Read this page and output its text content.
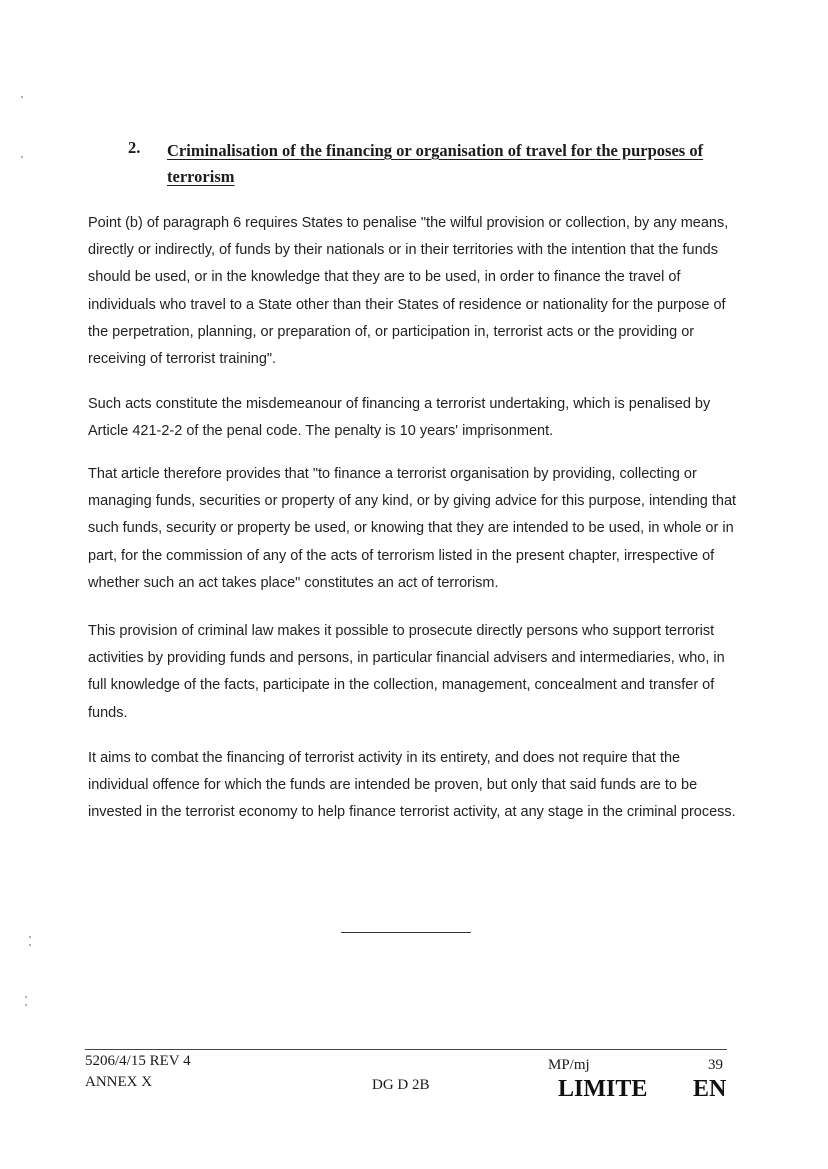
2. Criminalisation of the financing or organisation of travel for the purposes of terrorism

Point (b) of paragraph 6 requires States to penalise "the wilful provision or collection, by any means, directly or indirectly, of funds by their nationals or in their territories with the intention that the funds should be used, or in the knowledge that they are to be used, in order to finance the travel of individuals who travel to a State other than their States of residence or nationality for the purpose of the perpetration, planning, or preparation of, or participation in, terrorist acts or the providing or receiving of terrorist training".

Such acts constitute the misdemeanour of financing a terrorist undertaking, which is penalised by Article 421-2-2 of the penal code. The penalty is 10 years' imprisonment.

That article therefore provides that "to finance a terrorist organisation by providing, collecting or managing funds, securities or property of any kind, or by giving advice for this purpose, intending that such funds, security or property be used, or knowing that they are intended to be used, in whole or in part, for the commission of any of the acts of terrorism listed in the present chapter, irrespective of whether such an act takes place" constitutes an act of terrorism.

This provision of criminal law makes it possible to prosecute directly persons who support terrorist activities by providing funds and persons, in particular financial advisers and intermediaries, who, in full knowledge of the facts, participate in the collection, management, concealment and transfer of funds.

It aims to combat the financing of terrorist activity in its entirety, and does not require that the individual offence for which the funds are intended be proven, but only that said funds are to be invested in the terrorist economy to help finance terrorist activity, at any stage in the criminal process.

5206/4/15 REV 4
ANNEX X	DG D 2B
MP/mj	39
LIMITE EN
